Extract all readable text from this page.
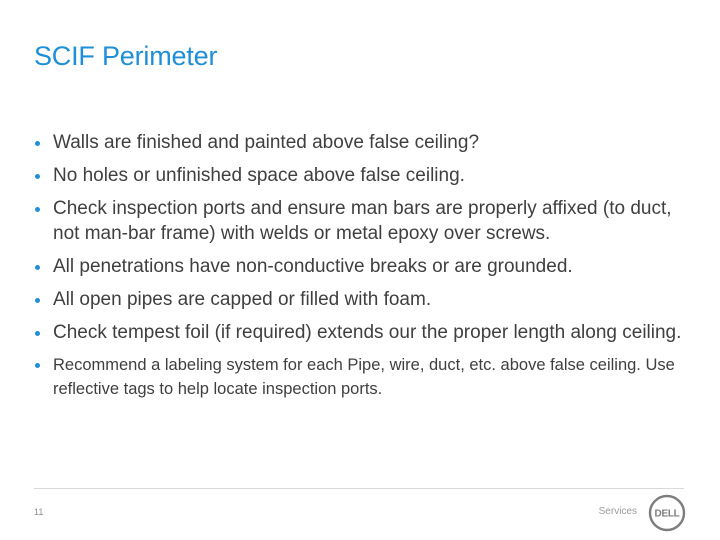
SCIF Perimeter
Walls are finished and painted above false ceiling?
No holes or unfinished space above false ceiling.
Check inspection ports and ensure man bars are properly affixed (to duct, not man-bar frame) with welds or metal epoxy over screws.
All penetrations have non-conductive breaks or are grounded.
All open pipes are capped or filled with foam.
Check tempest foil (if required) extends our the proper length along ceiling.
Recommend a labeling system for each Pipe, wire, duct, etc. above false ceiling. Use reflective tags to help locate inspection ports.
11	Services DELL
